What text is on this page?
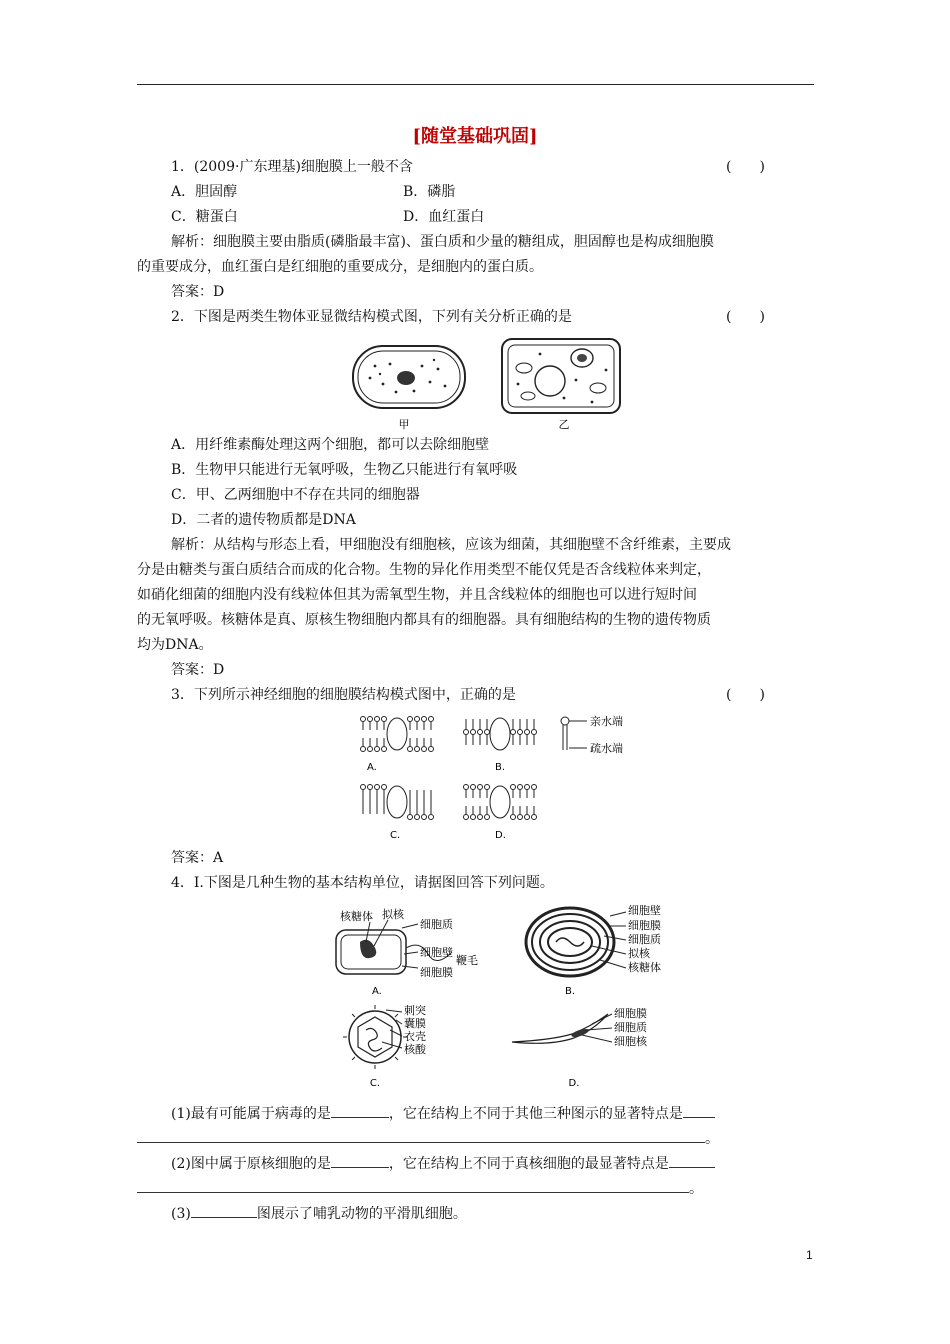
[随堂基础巩固]
1．(2009·广东理基)细胞膜上一般不含	(　　)
A．胆固醇	B．磷脂
C．糖蛋白	D．血红蛋白
解析：细胞膜主要由脂质(磷脂最丰富)、蛋白质和少量的糖组成，胆固醇也是构成细胞膜
的重要成分，血红蛋白是红细胞的重要成分，是细胞内的蛋白质。
答案：D
2．下图是两类生物体亚显微结构模式图，下列有关分析正确的是	(　　)
甲	乙
A．用纤维素酶处理这两个细胞，都可以去除细胞壁
B．生物甲只能进行无氧呼吸，生物乙只能进行有氧呼吸
C．甲、乙两细胞中不存在共同的细胞器
D．二者的遗传物质都是DNA
解析：从结构与形态上看，甲细胞没有细胞核，应该为细菌，其细胞壁不含纤维素，主要成
分是由糖类与蛋白质结合而成的化合物。生物的异化作用类型不能仅凭是否含线粒体来判定，
如硝化细菌的细胞内没有线粒体但其为需氧型生物，并且含线粒体的细胞也可以进行短时间
的无氧呼吸。核糖体是真、原核生物细胞内都具有的细胞器。具有细胞结构的生物的遗传物质
均为DNA。
答案：D
3．下列所示神经细胞的细胞膜结构模式图中，正确的是	(　　)
A.	B.
亲水端
疏水端
C.	D.
答案：A
4．Ⅰ.下图是几种生物的基本结构单位，请据图回答下列问题。
核糖体 拟核
细胞质
细胞壁
鞭毛
细胞膜
A.
细胞壁
细胞膜
细胞质
拟核
核糖体
B.
刺突
囊膜
衣壳
核酸
C.
细胞膜
细胞质
细胞核
D.
(1)最有可能属于病毒的是	，它在结构上不同于其他三种图示的显著特点是
。
(2)图中属于原核细胞的是	，它在结构上不同于真核细胞的最显著特点是
。
(3)	图展示了哺乳动物的平滑肌细胞。
1
